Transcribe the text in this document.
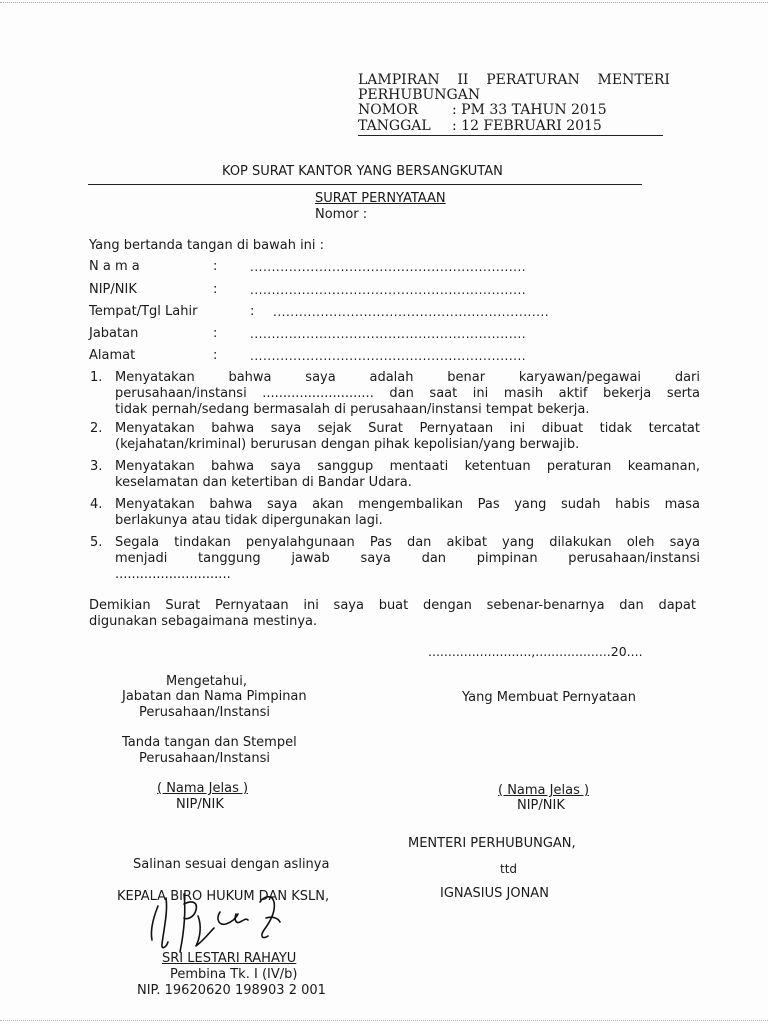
LAMPIRAN II PERATURAN MENTERI
PERHUBUNGAN
NOMOR : PM 33 TAHUN 2015
TANGGAL : 12 FEBRUARI 2015
KOP SURAT KANTOR YANG BERSANGKUTAN
SURAT PERNYATAAN
Nomor :
Yang bertanda tangan di bawah ini :
N a m a	:	................................................................
NIP/NIK	:	................................................................
Tempat/Tgl Lahir	: ................................................................
Jabatan	:	................................................................
Alamat	:	................................................................
1. Menyatakan bahwa saya adalah benar karyawan/pegawai dari
perusahaan/instansi ........................... dan saat ini masih aktif bekerja serta
tidak pernah/sedang bermasalah di perusahaan/instansi tempat bekerja.
2. Menyatakan bahwa saya sejak Surat Pernyataan ini dibuat tidak tercatat
(kejahatan/kriminal) berurusan dengan pihak kepolisian/yang berwajib.
3. Menyatakan bahwa saya sanggup mentaati ketentuan peraturan keamanan,
keselamatan dan ketertiban di Bandar Udara.
4. Menyatakan bahwa saya akan mengembalikan Pas yang sudah habis masa
berlakunya atau tidak dipergunakan lagi.
5. Segala tindakan penyalahgunaan Pas dan akibat yang dilakukan oleh saya
menjadi tanggung jawab saya dan pimpinan perusahaan/instansi
............................
Demikian Surat Pernyataan ini saya buat dengan sebenar-benarnya dan dapat
digunakan sebagaimana mestinya.
..........................,...................20....
Mengetahui,
Jabatan dan Nama Pimpinan
Perusahaan/Instansi
Tanda tangan dan Stempel
Perusahaan/Instansi
( Nama Jelas )
NIP/NIK
Yang Membuat Pernyataan
( Nama Jelas )
NIP/NIK
MENTERI PERHUBUNGAN,
ttd
IGNASIUS JONAN
Salinan sesuai dengan aslinya
KEPALA BIRO HUKUM DAN KSLN,
SRI LESTARI RAHAYU
Pembina Tk. I (IV/b)
NIP. 19620620 198903 2 001
